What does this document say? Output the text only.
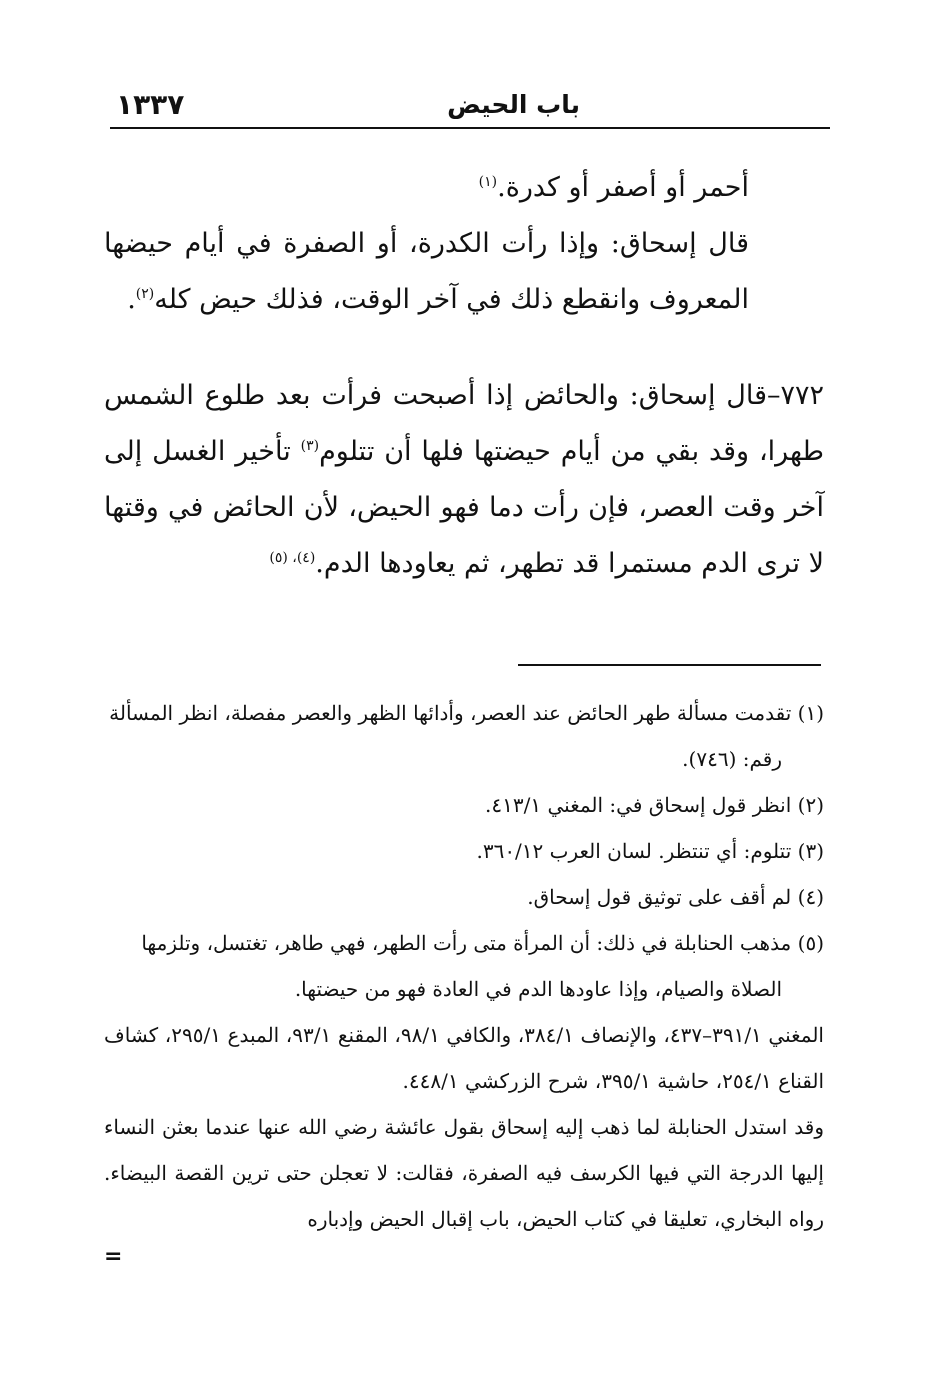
١٣٣٧	باب الحيض

أحمر أو أصفر أو كدرة.$^{(١)}$

قال إسحاق: وإذا رأت الكدرة، أو الصفرة في أيام حيضها المعروف وانقطع ذلك في آخر الوقت، فذلك حيض كله$^{(٢)}$.

٧٧٢–قال إسحاق: والحائض إذا أصبحت فرأت بعد طلوع الشمس طهرا، وقد بقي من أيام حيضتها فلها أن تتلوم$^{(٣)}$ تأخير الغسل إلى آخر وقت العصر، فإن رأت دما فهو الحيض، لأن الحائض في وقتها لا ترى الدم مستمرا قد تطهر، ثم يعاودها الدم.$^{(٤)، (٥)}$

(١) تقدمت مسألة طهر الحائض عند العصر، وأدائها الظهر والعصر مفصلة، انظر المسألة

رقم: (٧٤٦).

(٢) انظر قول إسحاق في: المغني ٤١٣/١.

(٣) تتلوم: أي تنتظر. لسان العرب ٣٦٠/١٢.

(٤) لم أقف على توثيق قول إسحاق.

(٥) مذهب الحنابلة في ذلك: أن المرأة متى رأت الطهر، فهي طاهر، تغتسل، وتلزمها

الصلاة والصيام، وإذا عاودها الدم في العادة فهو من حيضتها.

المغني ٣٩١/١–٤٣٧، والإنصاف ٣٨٤/١، والكافي ٩٨/١، المقنع ٩٣/١، المبدع ٢٩٥/١، كشاف القناع ٢٥٤/١، حاشية ٣٩٥/١، شرح الزركشي ٤٤٨/١.

وقد استدل الحنابلة لما ذهب إليه إسحاق بقول عائشة رضي الله عنها عندما بعثن النساء إليها الدرجة التي فيها الكرسف فيه الصفرة، فقالت: لا تعجلن حتى ترين القصة البيضاء. رواه البخاري، تعليقا في كتاب الحيض، باب إقبال الحيض وإدباره

=
